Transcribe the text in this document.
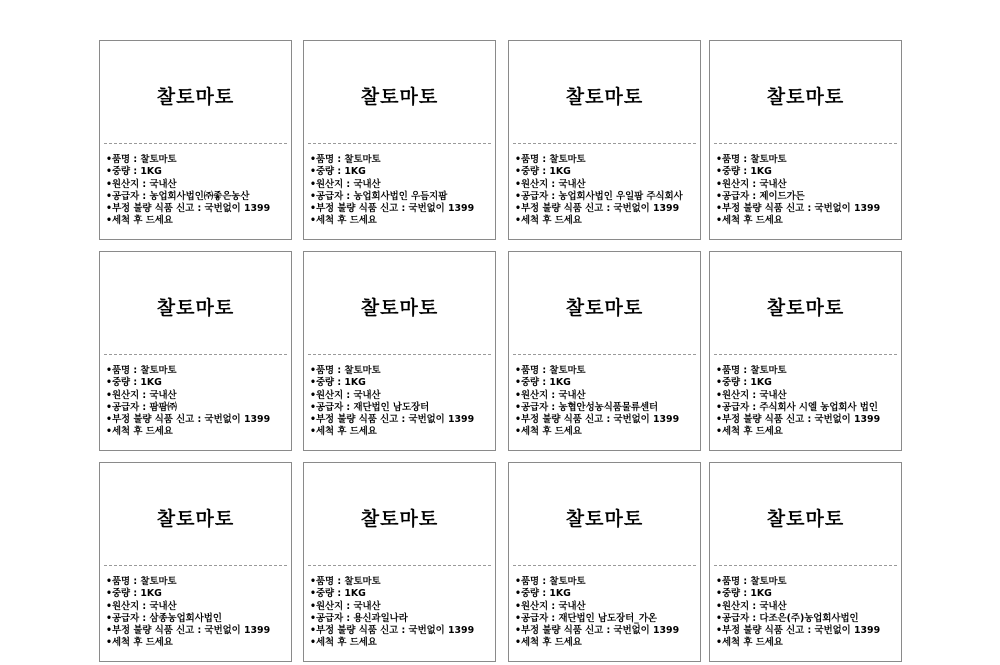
찰토마토
•품명 : 찰토마토
•중량 : 1KG
•원산지 : 국내산
•공급자 : 농업회사법인㈜좋은농산
•부정 불량 식품 신고 : 국번없이 1399
•세척 후 드세요
찰토마토
•품명 : 찰토마토
•중량 : 1KG
•원산지 : 국내산
•공급자 : 농업회사법인 우듬지팜
•부정 불량 식품 신고 : 국번없이 1399
•세척 후 드세요
찰토마토
•품명 : 찰토마토
•중량 : 1KG
•원산지 : 국내산
•공급자 : 농업회사법인 우일팜 주식회사
•부정 불량 식품 신고 : 국번없이 1399
•세척 후 드세요
찰토마토
•품명 : 찰토마토
•중량 : 1KG
•원산지 : 국내산
•공급자 : 제이드가든
•부정 불량 식품 신고 : 국번없이 1399
•세척 후 드세요
찰토마토
•품명 : 찰토마토
•중량 : 1KG
•원산지 : 국내산
•공급자 : 팜팜㈜
•부정 불량 식품 신고 : 국번없이 1399
•세척 후 드세요
찰토마토
•품명 : 찰토마토
•중량 : 1KG
•원산지 : 국내산
•공급자 : 재단법인 남도장터
•부정 불량 식품 신고 : 국번없이 1399
•세척 후 드세요
찰토마토
•품명 : 찰토마토
•중량 : 1KG
•원산지 : 국내산
•공급자 : 농협안성농식품물류센터
•부정 불량 식품 신고 : 국번없이 1399
•세척 후 드세요
찰토마토
•품명 : 찰토마토
•중량 : 1KG
•원산지 : 국내산
•공급자 : 주식회사 시엘 농업회사 법인
•부정 불량 식품 신고 : 국번없이 1399
•세척 후 드세요
찰토마토
•품명 : 찰토마토
•중량 : 1KG
•원산지 : 국내산
•공급자 : 삼종농업회사법인
•부정 불량 식품 신고 : 국번없이 1399
•세척 후 드세요
찰토마토
•품명 : 찰토마토
•중량 : 1KG
•원산지 : 국내산
•공급자 : 용신과일나라
•부정 불량 식품 신고 : 국번없이 1399
•세척 후 드세요
찰토마토
•품명 : 찰토마토
•중량 : 1KG
•원산지 : 국내산
•공급자 : 재단법인 남도장터_가온
•부정 불량 식품 신고 : 국번없이 1399
•세척 후 드세요
찰토마토
•품명 : 찰토마토
•중량 : 1KG
•원산지 : 국내산
•공급자 : 다조은(주)농업회사법인
•부정 불량 식품 신고 : 국번없이 1399
•세척 후 드세요
